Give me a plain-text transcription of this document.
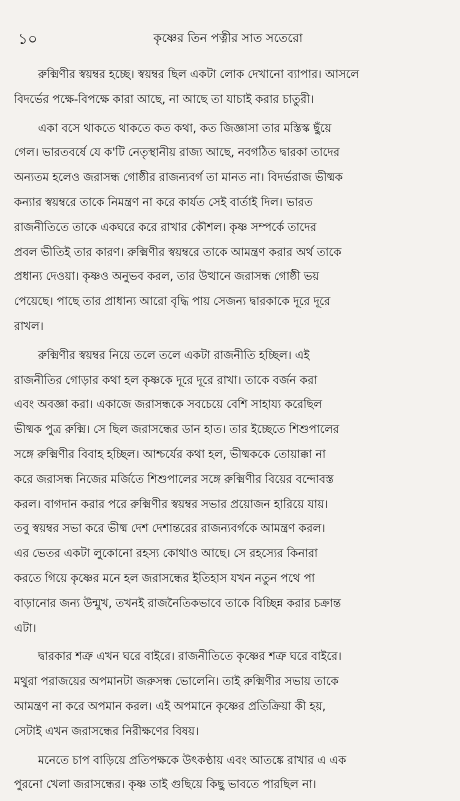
১০	কৃষ্ণের তিন পত্নীর সাত সতেরো
রুক্মিণীর স্বয়ম্বর হচ্ছে। স্বয়ম্বর ছিল একটা লোক দেখানো ব্যাপার। আসলে
বিদর্ভের পক্ষে-বিপক্ষে কারা আছে, না আছে তা যাচাই করার চাতুরী।
একা বসে থাকতে থাকতে কত কথা, কত জিজ্ঞাসা তার মস্তিস্ক ছুঁয়ে
গেল। ভারতবর্ষে যে ক'টি নেতৃস্থানীয় রাজ্য আছে, নবগঠিত দ্বারকা তাদের
অন্যতম হলেও জরাসন্ধ গোষ্ঠীর রাজন্যবর্গ তা মানত না। বিদর্ভরাজ ভীষ্মক
কন্যার স্বয়ম্বরে তাকে নিমন্ত্রণ না করে কার্যত সেই বার্তাই দিল। ভারত
রাজনীতিতে তাকে একঘরে করে রাখার কৌশল। কৃষ্ণ সম্পর্কে তাদের
প্রবল ভীতিই তার কারণ। রুক্মিণীর স্বয়ম্বরে তাকে আমন্ত্রণ করার অর্থ তাকে
প্রধান্য দেওয়া। কৃষ্ণও অনুভব করল, তার উত্থানে জরাসন্ধ গোষ্ঠী ভয়
পেয়েছে। পাছে তার প্রাধান্য আরো বৃদ্ধি পায় সেজন্য দ্বারকাকে দূরে দূরে
রাখল।
রুক্মিণীর স্বয়ম্বর নিয়ে তলে তলে একটা রাজনীতি হচ্ছিল। এই
রাজনীতির গোড়ার কথা হল কৃষ্ণকে দূরে দূরে রাখা। তাকে বর্জন করা
এবং অবজ্ঞা করা। একাজে জরাসন্ধকে সবচেয়ে বেশি সাহায্য করেছিল
ভীষ্মক পুত্র রুক্মি। সে ছিল জরাসন্ধের ডান হাত। তার ইচ্ছেতে শিশুপালের
সঙ্গে রুক্মিণীর বিবাহ হচ্ছিল। আশ্চর্যের কথা হল, ভীষ্মককে তোয়াক্কা না
করে জরাসন্ধ নিজের মর্জিতে শিশুপালের সঙ্গে রুক্মিণীর বিয়ের বন্দোবস্ত
করল। বাগদান করার পরে রুক্মিণীর স্বয়ম্বর সভার প্রয়োজন হারিয়ে যায়।
তবু স্বয়ম্বর সভা করে ভীষ্ম দেশ দেশান্তরের রাজন্যবর্গকে আমন্ত্রণ করল।
এর ভেতর একটা লুকোনো রহস্য কোথাও আছে। সে রহস্যের কিনারা
করতে গিয়ে কৃষ্ণের মনে হল জরাসন্ধের ইতিহাস যখন নতুন পথে পা
বাড়ানোর জন্য উন্মুখ, তখনই রাজনৈতিকভাবে তাকে বিচ্ছিন্ন করার চক্রান্ত
এটা।
দ্বারকার শত্রু এখন ঘরে বাইরে। রাজনীতিতে কৃষ্ণের শত্রু ঘরে বাইরে।
মথুরা পরাজয়ের অপমানটা জরুসন্ধ ভোলেনি। তাই রুক্মিণীর সভায় তাকে
আমন্ত্রণ না করে অপমান করল। এই অপমানে কৃষ্ণের প্রতিক্রিয়া কী হয়,
সেটাই এখন জরাসন্ধের নিরীক্ষণের বিষয়।
মনেতে চাপ বাড়িয়ে প্রতিপক্ষকে উৎকণ্ঠায় এবং আতঙ্কে রাখার এ এক
পুরনো খেলা জরাসন্ধের। কৃষ্ণ তাই গুছিয়ে কিছু ভাবতে পারছিল না।
